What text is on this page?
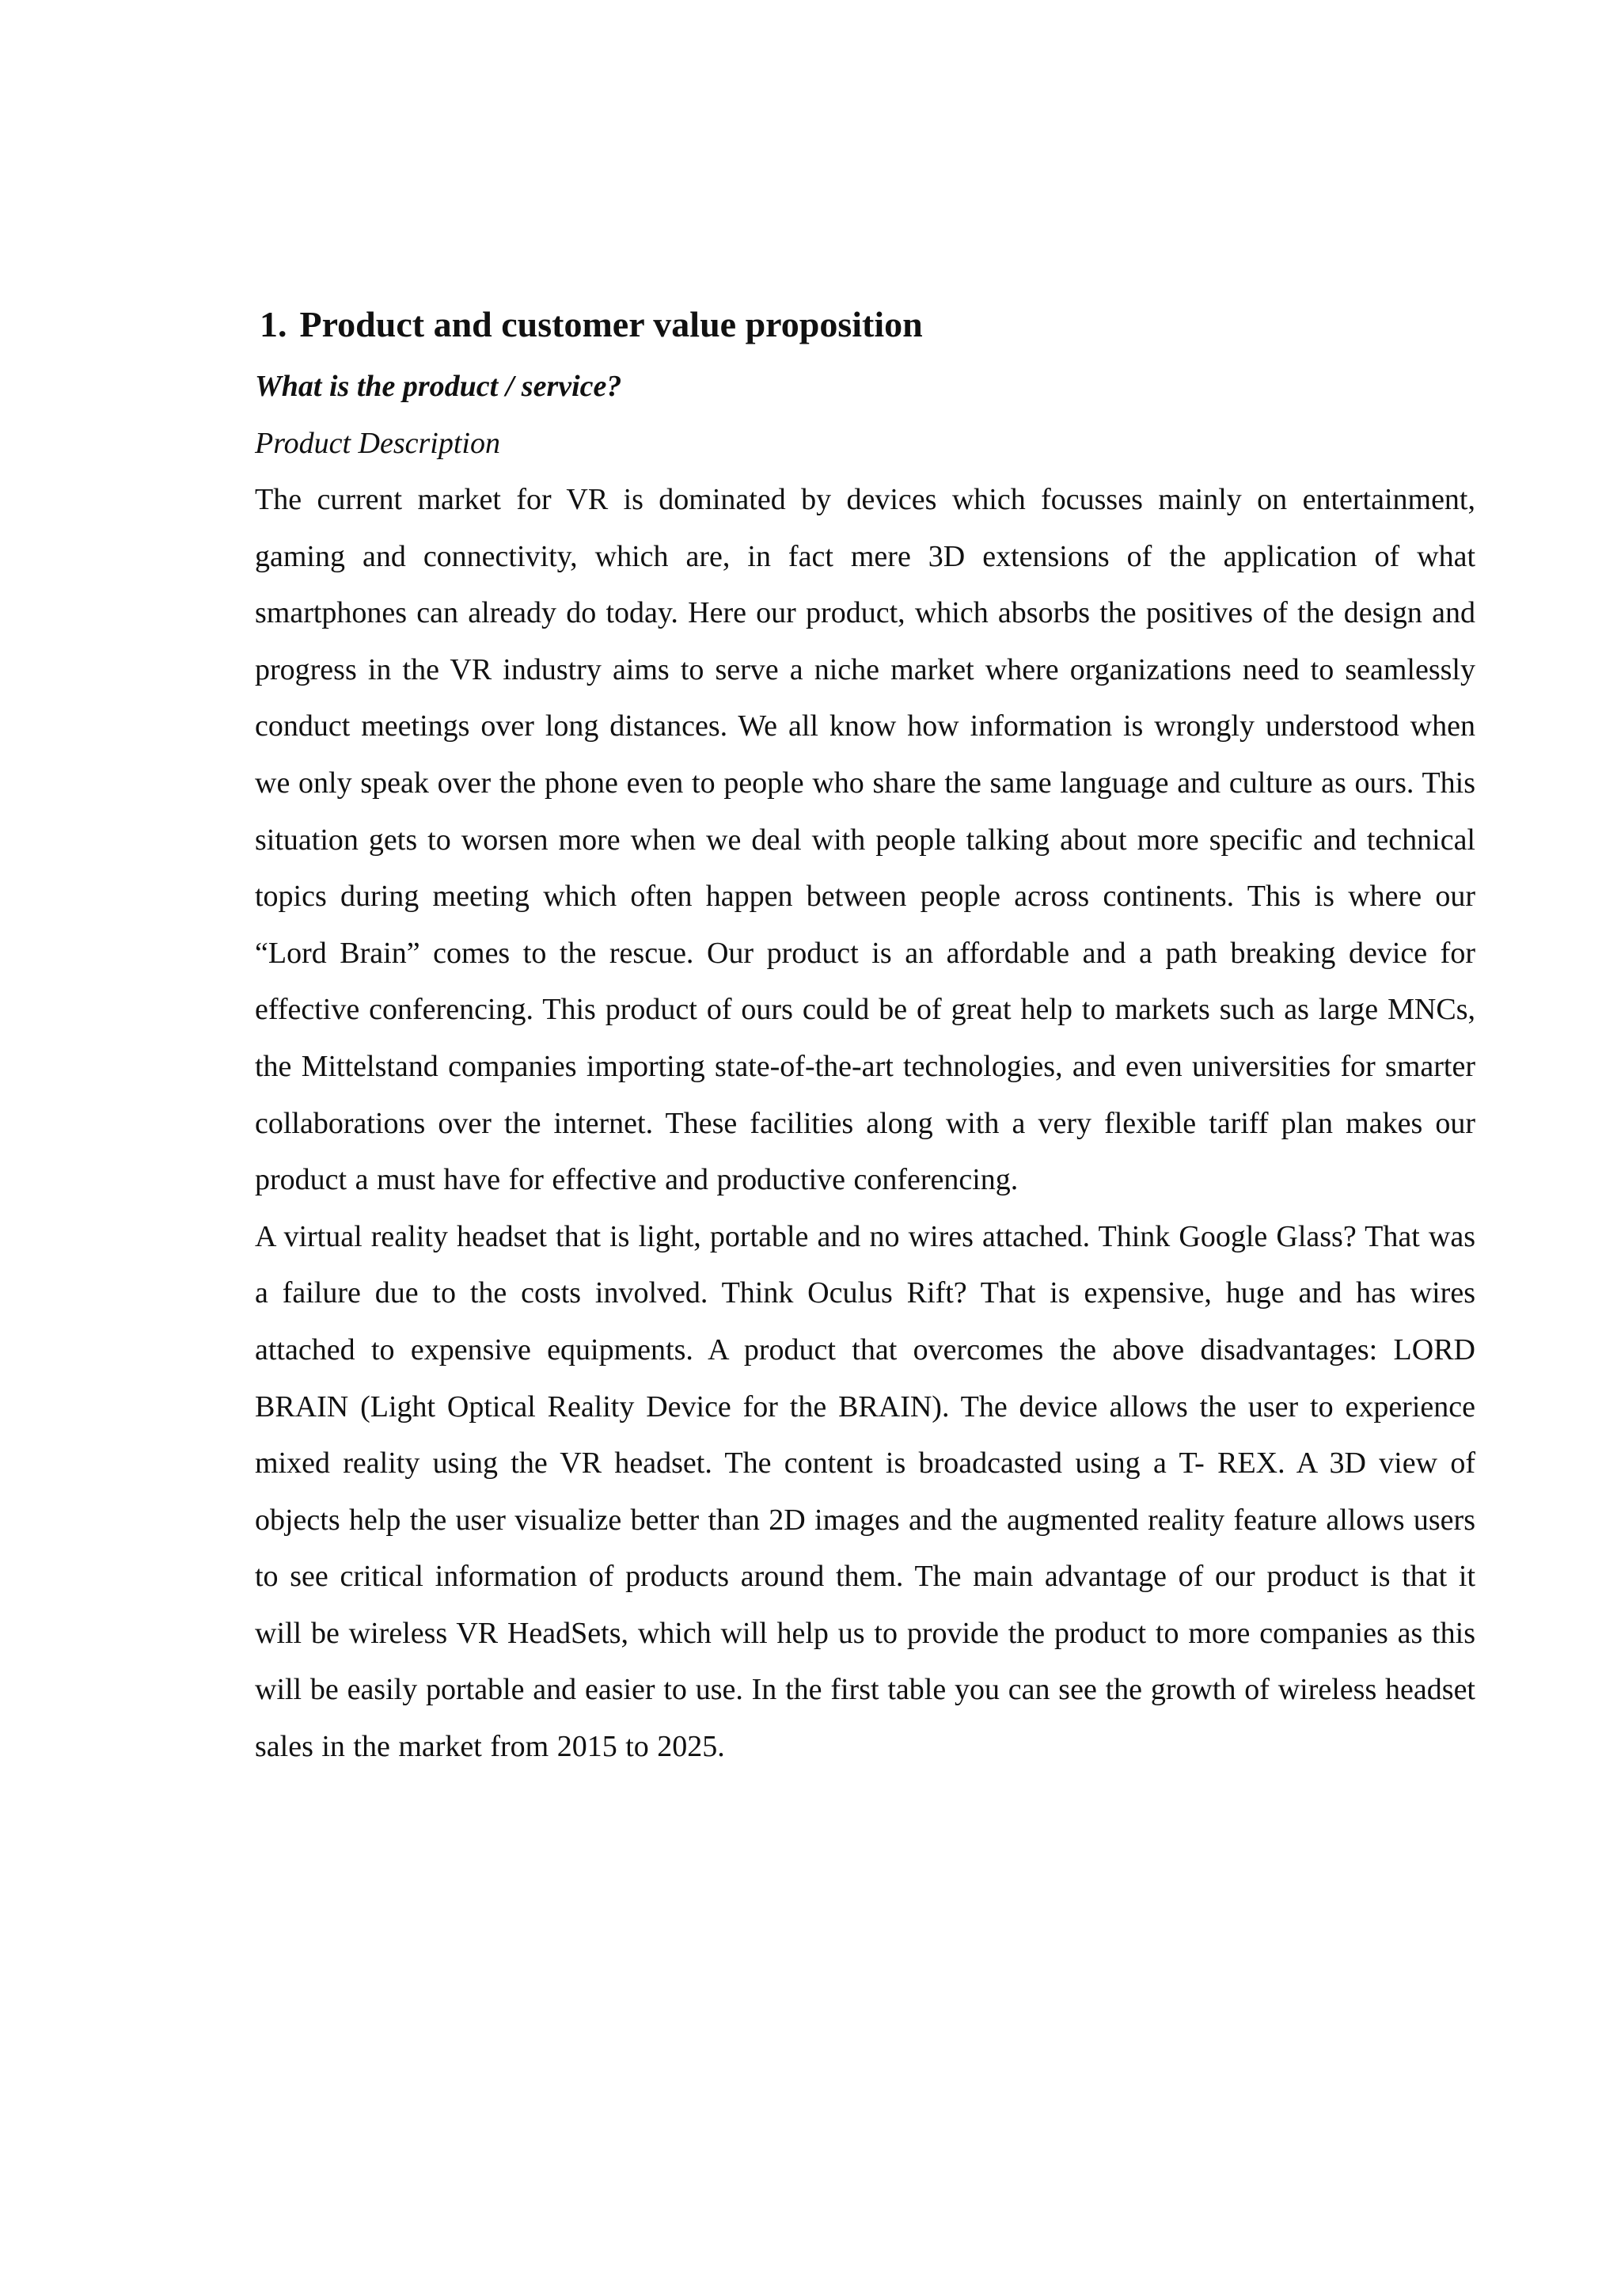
1. Product and customer value proposition

What is the product / service?

Product Description

The current market for VR is dominated by devices which focusses mainly on entertainment, gaming and connectivity, which are, in fact mere 3D extensions of the application of what smartphones can already do today. Here our product, which absorbs the positives of the design and progress in the VR industry aims to serve a niche market where organizations need to seamlessly conduct meetings over long distances. We all know how information is wrongly understood when we only speak over the phone even to people who share the same language and culture as ours. This situation gets to worsen more when we deal with people talking about more specific and technical topics during meeting which often happen between people across continents. This is where our “Lord Brain” comes to the rescue. Our product is an affordable and a path breaking device for effective conferencing. This product of ours could be of great help to markets such as large MNCs, the Mittelstand companies importing state-of-the-art technologies, and even universities for smarter collaborations over the internet. These facilities along with a very flexible tariff plan makes our product a must have for effective and productive conferencing.

A virtual reality headset that is light, portable and no wires attached. Think Google Glass? That was a failure due to the costs involved. Think Oculus Rift? That is expensive, huge and has wires attached to expensive equipments. A product that overcomes the above disadvantages: LORD BRAIN (Light Optical Reality Device for the BRAIN). The device allows the user to experience mixed reality using the VR headset. The content is broadcasted using a T- REX. A 3D view of objects help the user visualize better than 2D images and the augmented reality feature allows users to see critical information of products around them. The main advantage of our product is that it will be wireless VR HeadSets, which will help us to provide the product to more companies as this will be easily portable and easier to use. In the first table you can see the growth of wireless headset sales in the market from 2015 to 2025.
